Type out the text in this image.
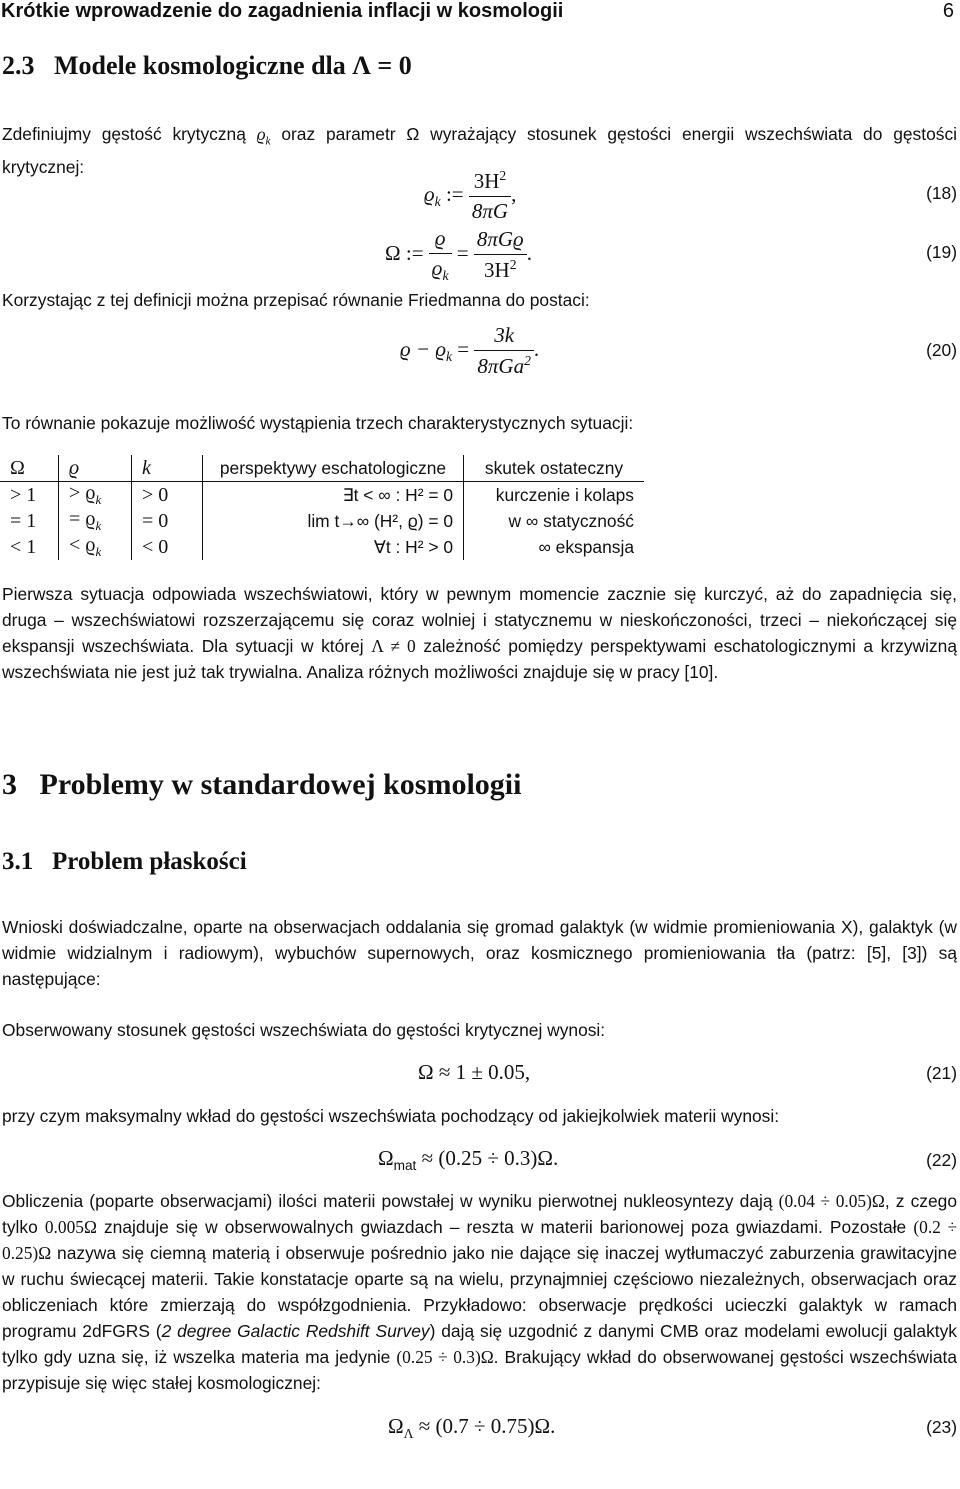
Krótkie wprowadzenie do zagadnienia inflacji w kosmologii	6
2.3 Modele kosmologiczne dla Λ = 0
Zdefiniujmy gęstość krytyczną $ϱ_k$ oraz parametr Ω wyrażający stosunek gęstości energii wszechświata do gęstości krytycznej:
$ϱ_k$ := $\frac{3H^2}{8\pi G}$ ,	(18)
Ω := $\frac{ϱ}{ϱ_k} = \frac{\text{8πGϱ}}{3H^2}$ .	(19)
Korzystając z tej definicji można przepisać równanie Friedmanna do postaci:
$ϱ - ϱ_k = \frac{3k}{8\pi Ga^2}$ .	(20)
To równanie pokazuje możliwość wystąpienia trzech charakterystycznych sytuacji:
Ω	ϱ	k	perspektywy eschatologiczne	skutek ostateczny
> 1	> $ϱ_k$	> 0	∃t < ∞ : H² = 0	kurczenie i kolaps
= 1	= $ϱ_k$	= 0	lim t→∞ (H², ϱ) = 0	w ∞ statyczność
< 1	< $ϱ_k$	< 0	∀t : H² > 0	∞ ekspansja
Pierwsza sytuacja odpowiada wszechświatowi, który w pewnym momencie zacznie się kurczyć, aż do zapadnięcia się, druga – wszechświatowi rozszerzającemu się coraz wolniej i statycznemu w nieskończoności, trzeci – niekończącej się ekspansji wszechświata. Dla sytuacji w której Λ ≠ 0 zależność pomiędzy perspektywami eschatologicznymi a krzywizną wszechświata nie jest już tak trywialna. Analiza różnych możliwości znajduje się w pracy [10].
3 Problemy w standardowej kosmologii
3.1 Problem płaskości
Wnioski doświadczalne, oparte na obserwacjach oddalania się gromad galaktyk (w widmie promieniowania X), galaktyk (w widmie widzialnym i radiowym), wybuchów supernowych, oraz kosmicznego promieniowania tła (patrz: [5], [3]) są następujące:
Obserwowany stosunek gęstości wszechświata do gęstości krytycznej wynosi:
Ω ≈ 1 ± 0.05,	(21)
przy czym maksymalny wkład do gęstości wszechświata pochodzący od jakiejkolwiek materii wynosi:
$\Omega_{mat} \approx (0.25 \div 0.3)\Omega$.	(22)
Obliczenia (poparte obserwacjami) ilości materii powstałej w wyniku pierwotnej nukleosyntezy dają (0.04 ÷ 0.05)Ω, z czego tylko 0.005Ω znajduje się w obserwowalnych gwiazdach – reszta w materii barionowej poza gwiazdami. Pozostałe (0.2 ÷ 0.25)Ω nazywa się ciemną materią i obserwuje pośrednio jako nie dające się inaczej wytłumaczyć zaburzenia grawitacyjne w ruchu świecącej materii. Takie konstatacje oparte są na wielu, przynajmniej częściowo niezależnych, obserwacjach oraz obliczeniach które zmierzają do współzgodnienia. Przykładowo: obserwacje prędkości ucieczki galaktyk w ramach programu 2dFGRS (2 degree Galactic Redshift Survey) dają się uzgodnić z danymi CMB oraz modelami ewolucji galaktyk tylko gdy uzna się, iż wszelka materia ma jedynie (0.25 ÷ 0.3)Ω. Brakujący wkład do obserwowanej gęstości wszechświata przypisuje się więc stałej kosmologicznej:
$\Omega_\Lambda \approx (0.7 \div 0.75)\Omega$.	(23)
